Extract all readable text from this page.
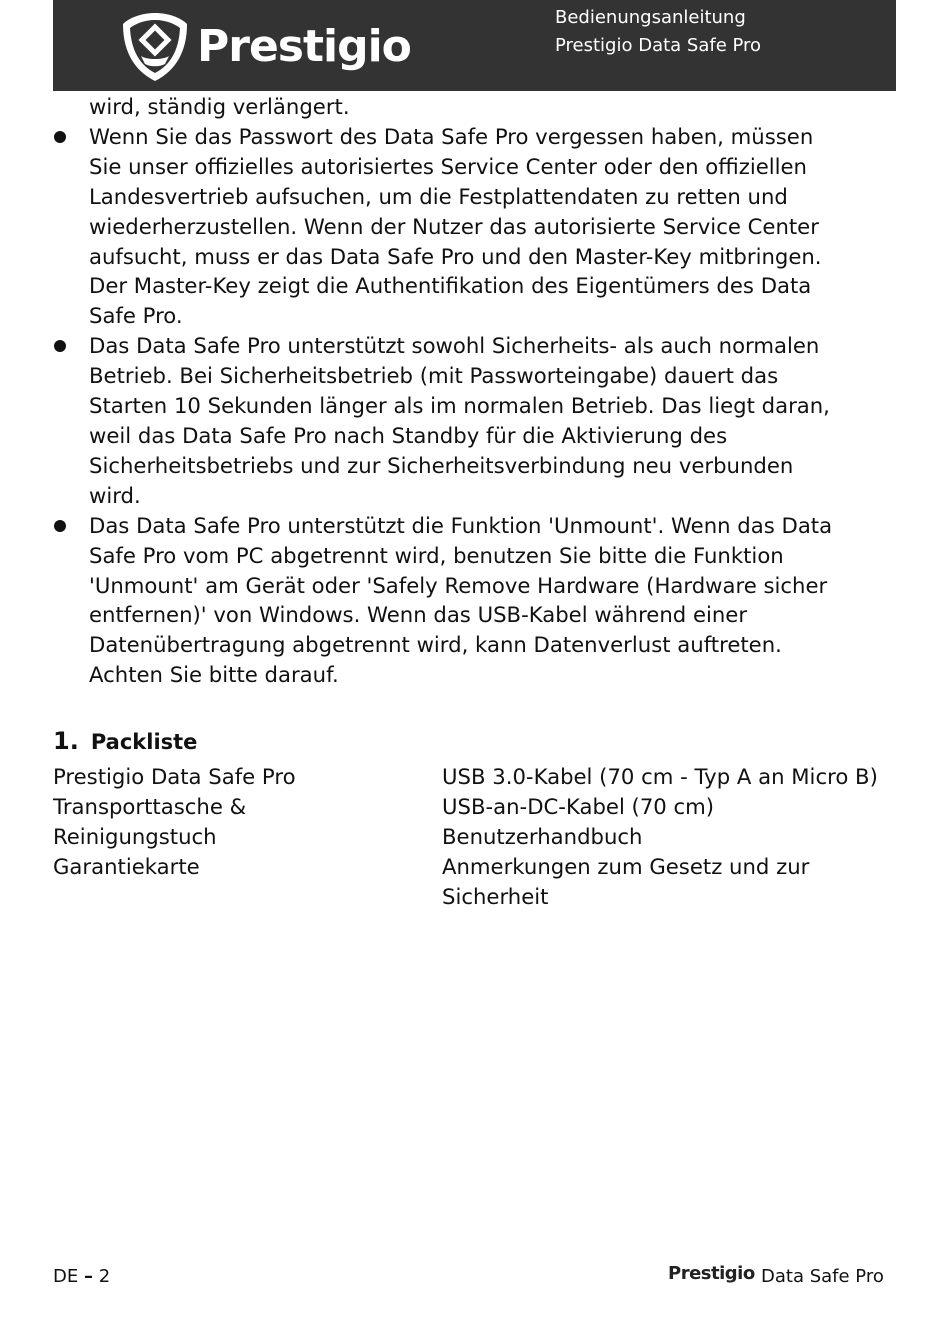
Prestigio
Bedienungsanleitung
Prestigio Data Safe Pro
wird, ständig verlängert.
Wenn Sie das Passwort des Data Safe Pro vergessen haben, müssen
Sie unser offizielles autorisiertes Service Center oder den offiziellen
Landesvertrieb aufsuchen, um die Festplattendaten zu retten und
wiederherzustellen. Wenn der Nutzer das autorisierte Service Center
aufsucht, muss er das Data Safe Pro und den Master-Key mitbringen.
Der Master-Key zeigt die Authentifikation des Eigentümers des Data
Safe Pro.
Das Data Safe Pro unterstützt sowohl Sicherheits- als auch normalen
Betrieb. Bei Sicherheitsbetrieb (mit Passworteingabe) dauert das
Starten 10 Sekunden länger als im normalen Betrieb. Das liegt daran,
weil das Data Safe Pro nach Standby für die Aktivierung des
Sicherheitsbetriebs und zur Sicherheitsverbindung neu verbunden
wird.
Das Data Safe Pro unterstützt die Funktion 'Unmount'. Wenn das Data
Safe Pro vom PC abgetrennt wird, benutzen Sie bitte die Funktion
'Unmount' am Gerät oder 'Safely Remove Hardware (Hardware sicher
entfernen)' von Windows. Wenn das USB-Kabel während einer
Datenübertragung abgetrennt wird, kann Datenverlust auftreten.
Achten Sie bitte darauf.
1. Packliste
Prestigio Data Safe Pro
Transporttasche &
Reinigungstuch
Garantiekarte
USB 3.0-Kabel (70 cm - Typ A an Micro B)
USB-an-DC-Kabel (70 cm)
Benutzerhandbuch
Anmerkungen zum Gesetz und zur
Sicherheit
DE – 2	Prestigio Data Safe Pro
